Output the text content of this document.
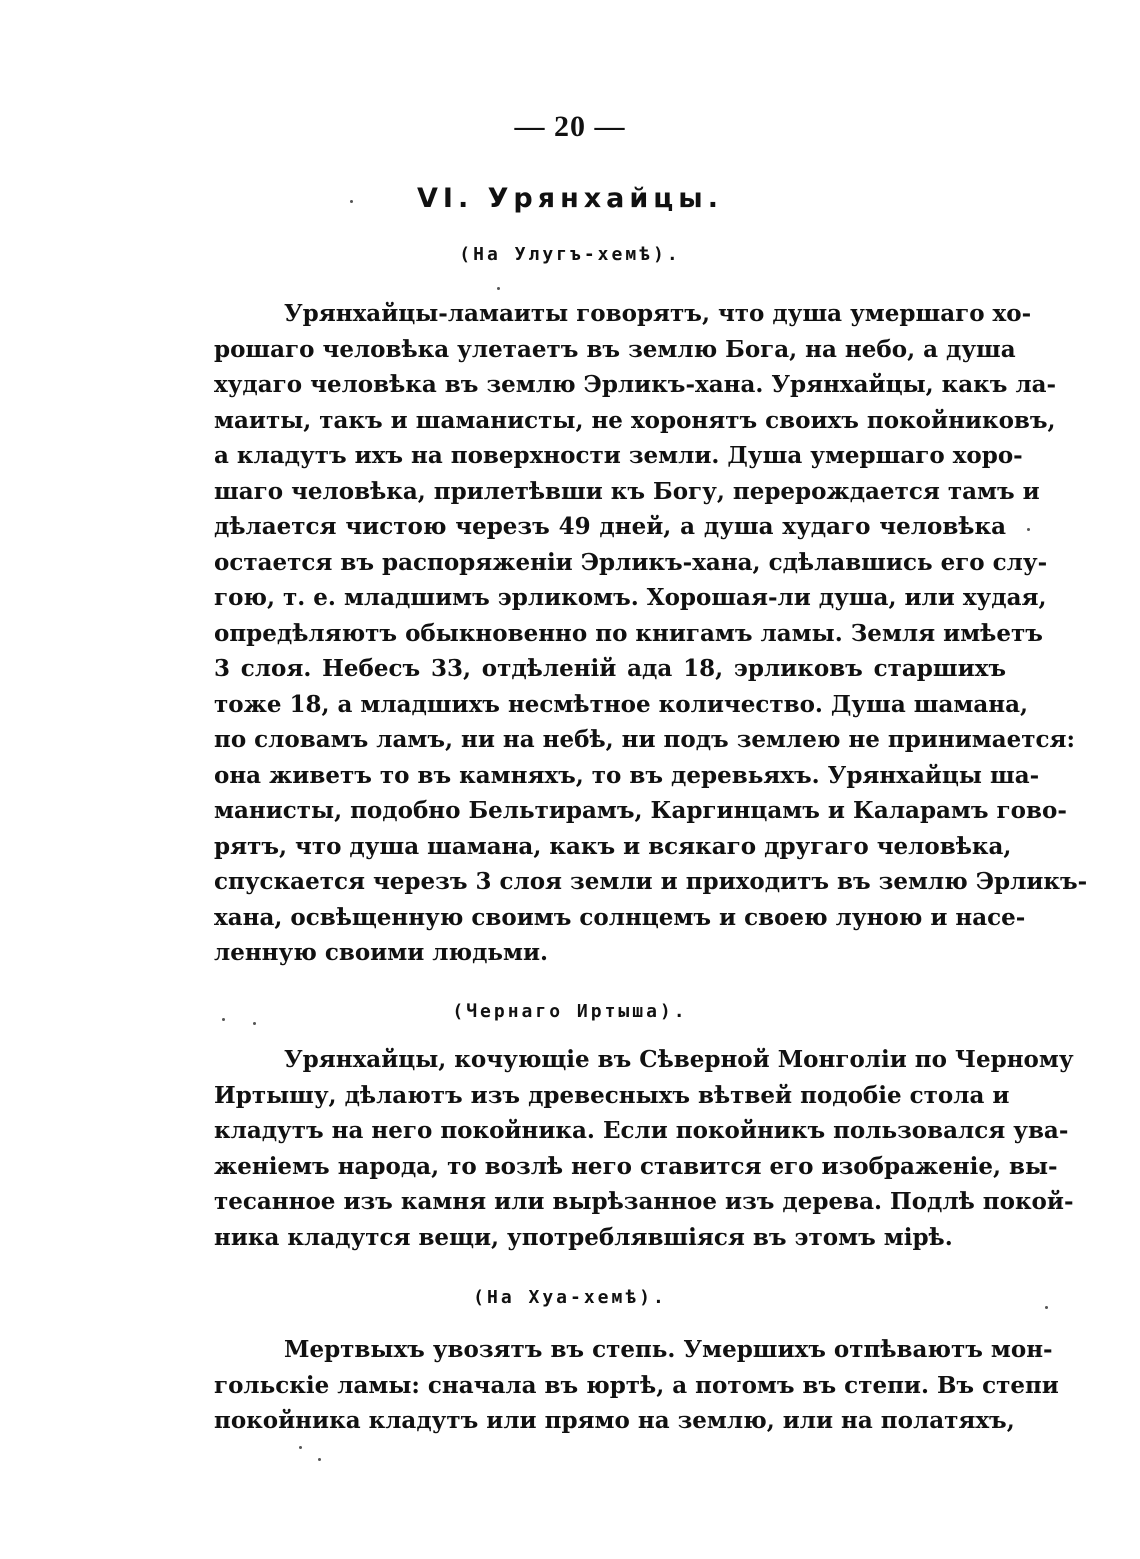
— 20 —
VI. Урянхайцы.
(На Улугъ-хемѣ).
Урянхайцы-ламаиты говорятъ, что душа умершаго хо-
рошаго человѣка улетаетъ въ землю Бога, на небо, а душа
худаго человѣка въ землю Эрликъ-хана. Урянхайцы, какъ ла-
маиты, такъ и шаманисты, не хоронятъ своихъ покойниковъ,
а кладутъ ихъ на поверхности земли. Душа умершаго хоро-
шаго человѣка, прилетѣвши къ Богу, перерождается тамъ и
дѣлается чистою черезъ 49 дней, а душа худаго человѣка
остается въ распоряженіи Эрликъ-хана, сдѣлавшись его слу-
гою, т. е. младшимъ эрликомъ. Хорошая-ли душа, или худая,
опредѣляютъ обыкновенно по книгамъ ламы. Земля имѣетъ
3 слоя. Небесъ 33, отдѣленій ада 18, эрликовъ старшихъ
тоже 18, а младшихъ несмѣтное количество. Душа шамана,
по словамъ ламъ, ни на небѣ, ни подъ землею не принимается:
она живетъ то въ камняхъ, то въ деревьяхъ. Урянхайцы ша-
манисты, подобно Бельтирамъ, Каргинцамъ и Каларамъ гово-
рятъ, что душа шамана, какъ и всякаго другаго человѣка,
спускается черезъ 3 слоя земли и приходитъ въ землю Эрликъ-
хана, освѣщенную своимъ солнцемъ и своею луною и насе-
ленную своими людьми.
(Чернаго Иртыша).
Урянхайцы, кочующіе въ Сѣверной Монголіи по Черному
Иртышу, дѣлаютъ изъ древесныхъ вѣтвей подобіе стола и
кладутъ на него покойника. Если покойникъ пользовался ува-
женіемъ народа, то возлѣ него ставится его изображеніе, вы-
тесанное изъ камня или вырѣзанное изъ дерева. Подлѣ покой-
ника кладутся вещи, употреблявшіяся въ этомъ мірѣ.
(На Хуа-хемѣ).
Мертвыхъ увозятъ въ степь. Умершихъ отпѣваютъ мон-
гольскіе ламы: сначала въ юртѣ, а потомъ въ степи. Въ степи
покойника кладутъ или прямо на землю, или на полатяхъ,
